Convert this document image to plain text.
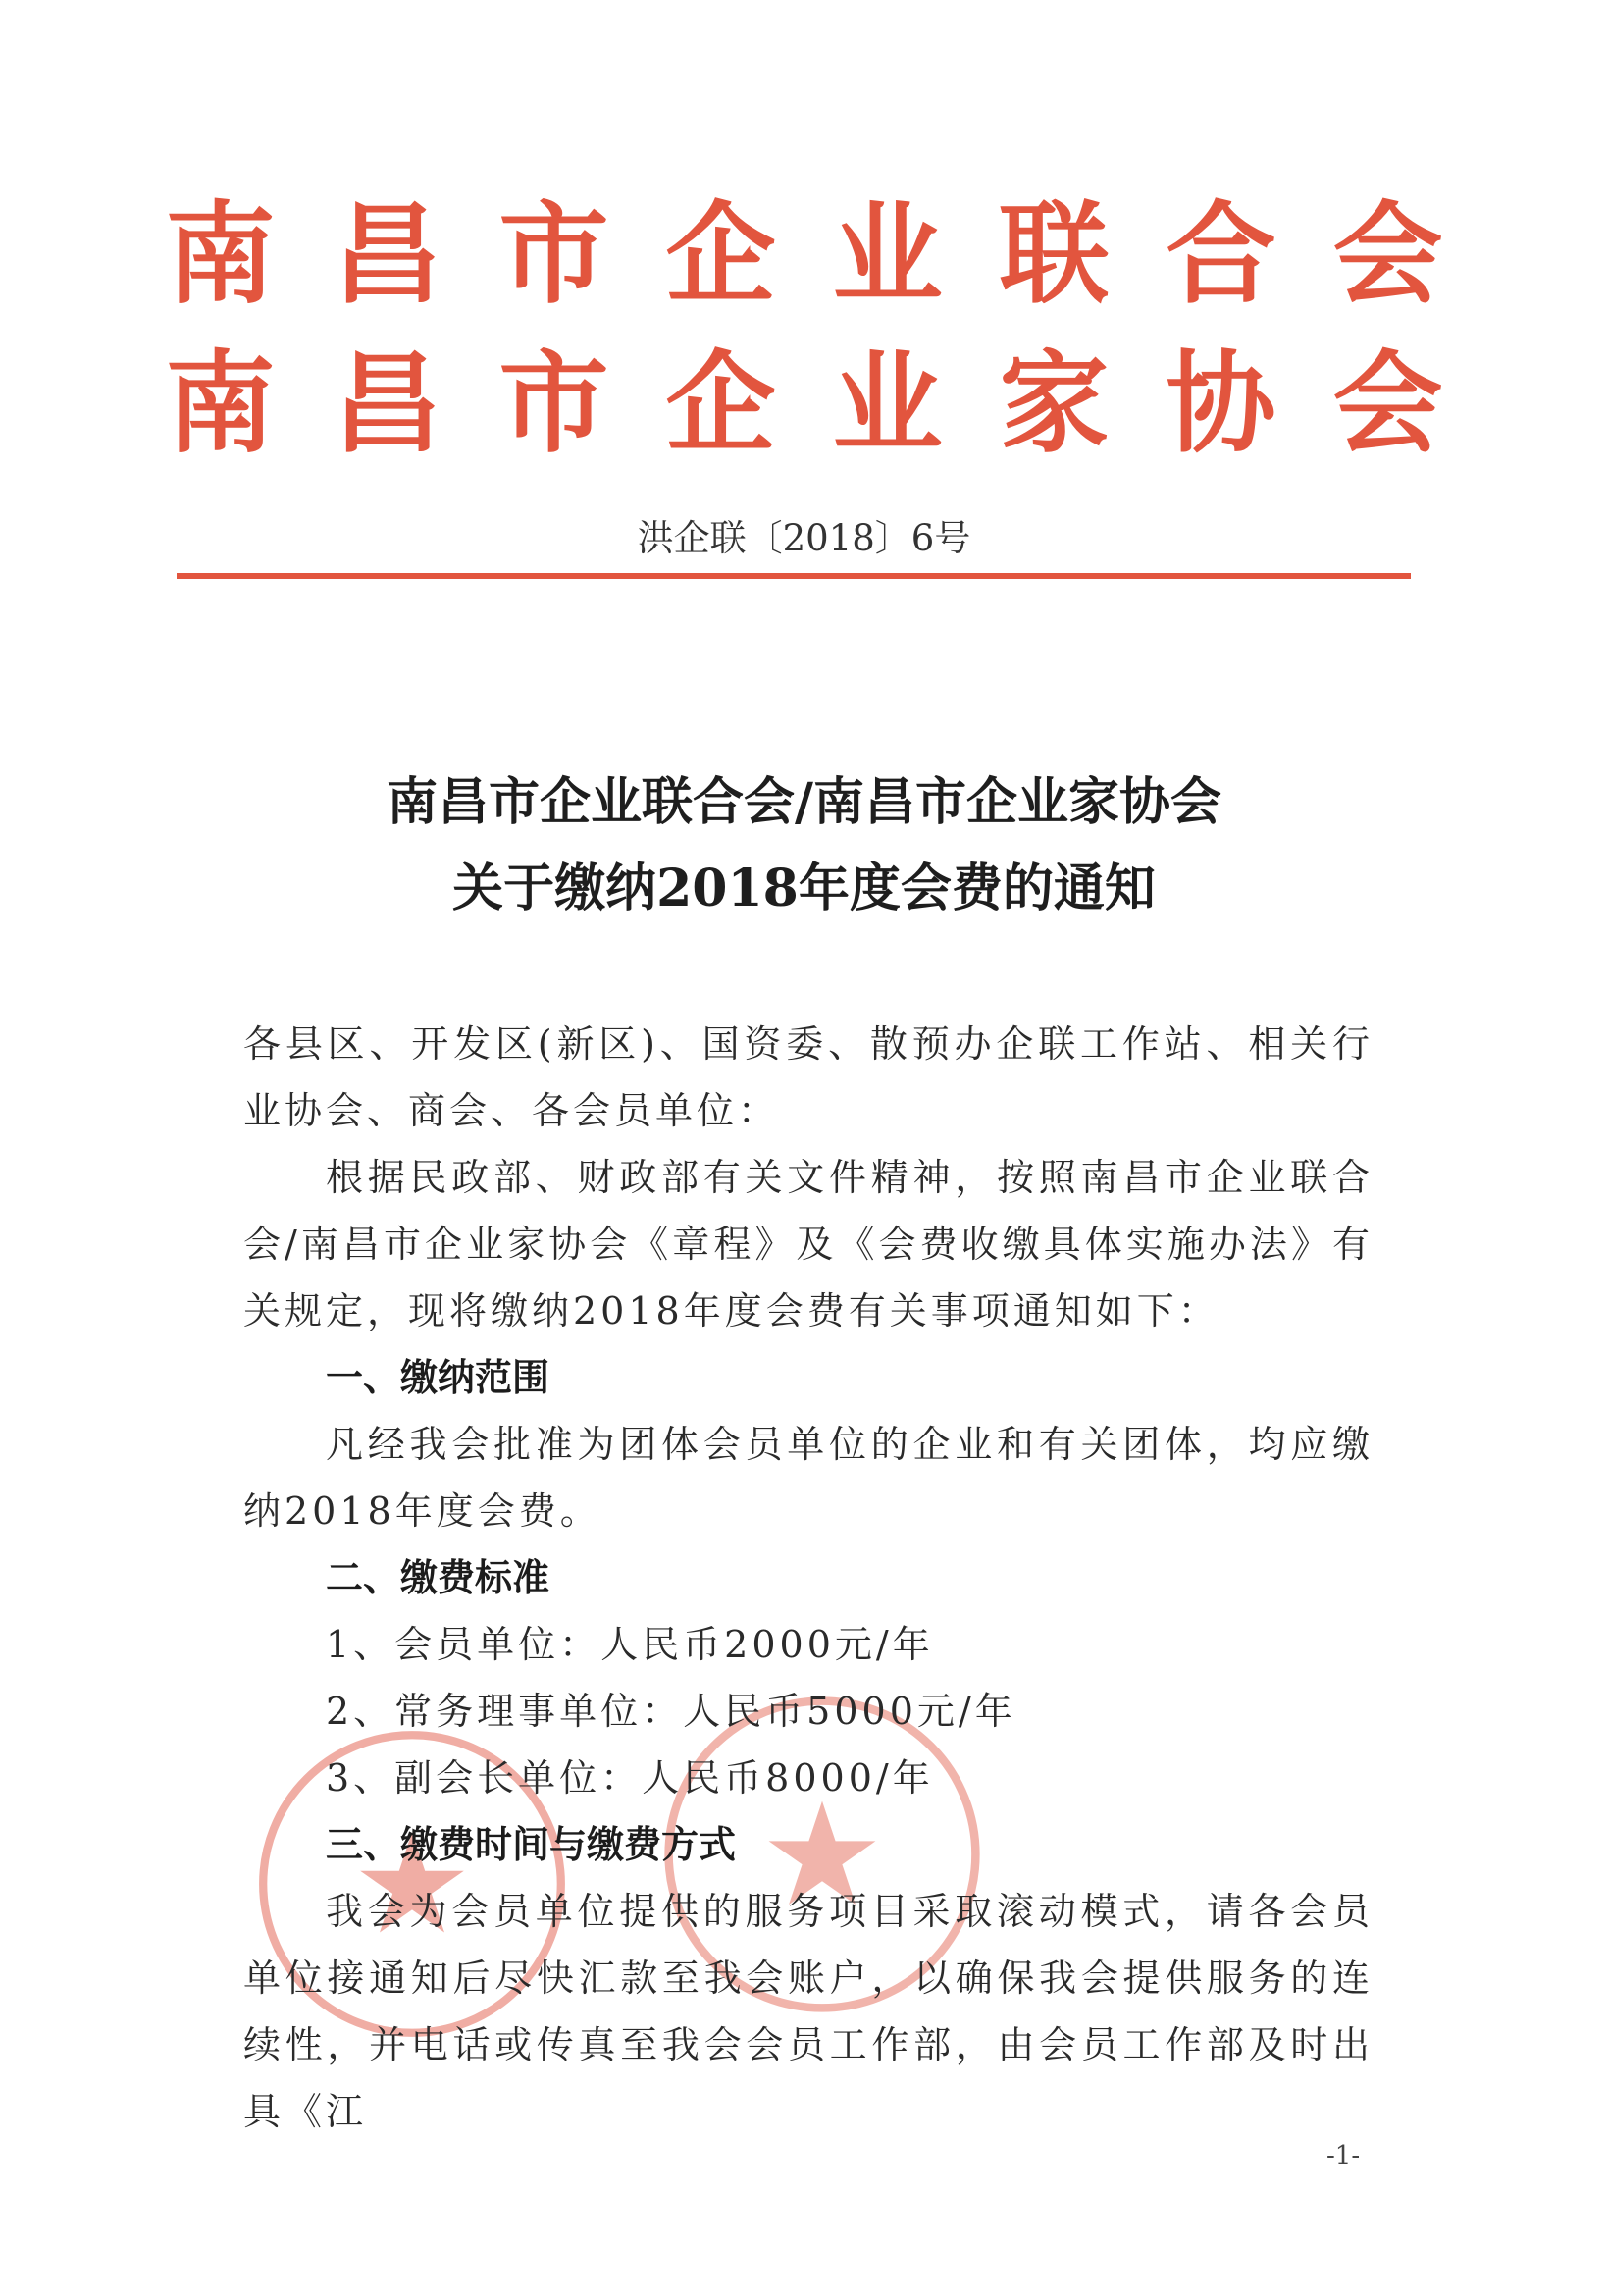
南昌市企业联合会
南昌市企业家协会
洪企联〔2018〕6号
南昌市企业联合会/南昌市企业家协会
关于缴纳2018年度会费的通知

各县区、开发区(新区)、国资委、散预办企联工作站、相关行业协会、商会、各会员单位：

根据民政部、财政部有关文件精神，按照南昌市企业联合会/南昌市企业家协会《章程》及《会费收缴具体实施办法》有关规定，现将缴纳2018年度会费有关事项通知如下：

一、缴纳范围

凡经我会批准为团体会员单位的企业和有关团体，均应缴纳2018年度会费。

二、缴费标准

1、会员单位：人民币2000元/年

2、常务理事单位：人民币5000元/年

3、副会长单位：人民币8000/年

三、缴费时间与缴费方式

我会为会员单位提供的服务项目采取滚动模式，请各会员单位接通知后尽快汇款至我会账户，以确保我会提供服务的连续性，并电话或传真至我会会员工作部，由会员工作部及时出具《江

-1-
